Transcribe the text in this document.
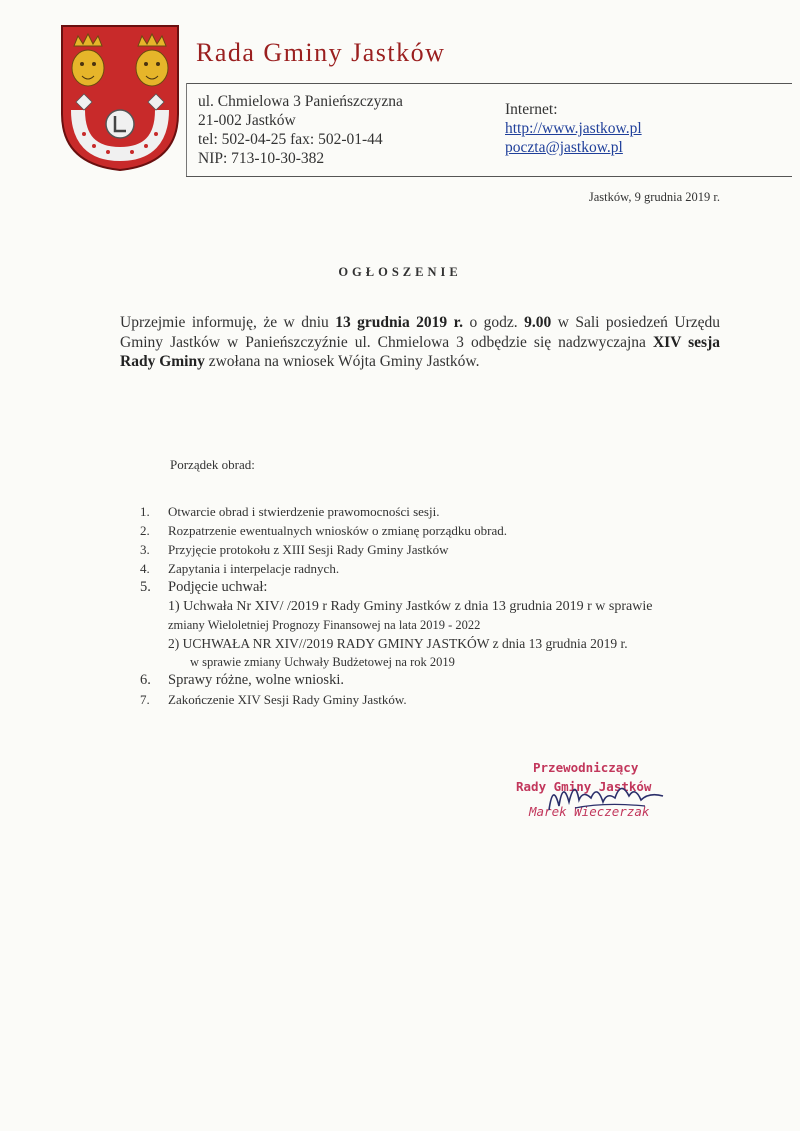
Rada Gminy Jastków
ul. Chmielowa 3 Panieńszczyzna
21-002 Jastków
tel: 502-04-25 fax: 502-01-44
NIP: 713-10-30-382
Internet:
http://www.jastkow.pl
poczta@jastkow.pl
Jastków, 9 grudnia 2019 r.
OGŁOSZENIE
Uprzejmie informuję, że w dniu 13 grudnia 2019 r. o godz. 9.00 w Sali posiedzeń Urzędu Gminy Jastków w Panieńszczyźnie ul. Chmielowa 3 odbędzie się nadzwyczajna XIV sesja Rady Gminy zwołana na wniosek Wójta Gminy Jastków.
Porządek obrad:
1.	Otwarcie obrad i stwierdzenie prawomocności sesji.
2.	Rozpatrzenie ewentualnych wniosków o zmianę porządku obrad.
3.	Przyjęcie protokołu z XIII Sesji Rady Gminy Jastków
4.	Zapytania i interpelacje radnych.
5.	Podjęcie uchwał:
1) Uchwała Nr XIV/ /2019 r Rady Gminy Jastków z dnia 13 grudnia 2019 r w sprawie
zmiany Wieloletniej Prognozy Finansowej na lata 2019 - 2022
2) UCHWAŁA NR XIV//2019 RADY GMINY JASTKÓW z dnia 13 grudnia 2019 r.
w sprawie zmiany Uchwały Budżetowej na rok 2019
6.	Sprawy różne, wolne wnioski.
7.	Zakończenie XIV Sesji Rady Gminy Jastków.
Przewodniczący
Rady Gminy Jastków
Marek Wieczerzak
